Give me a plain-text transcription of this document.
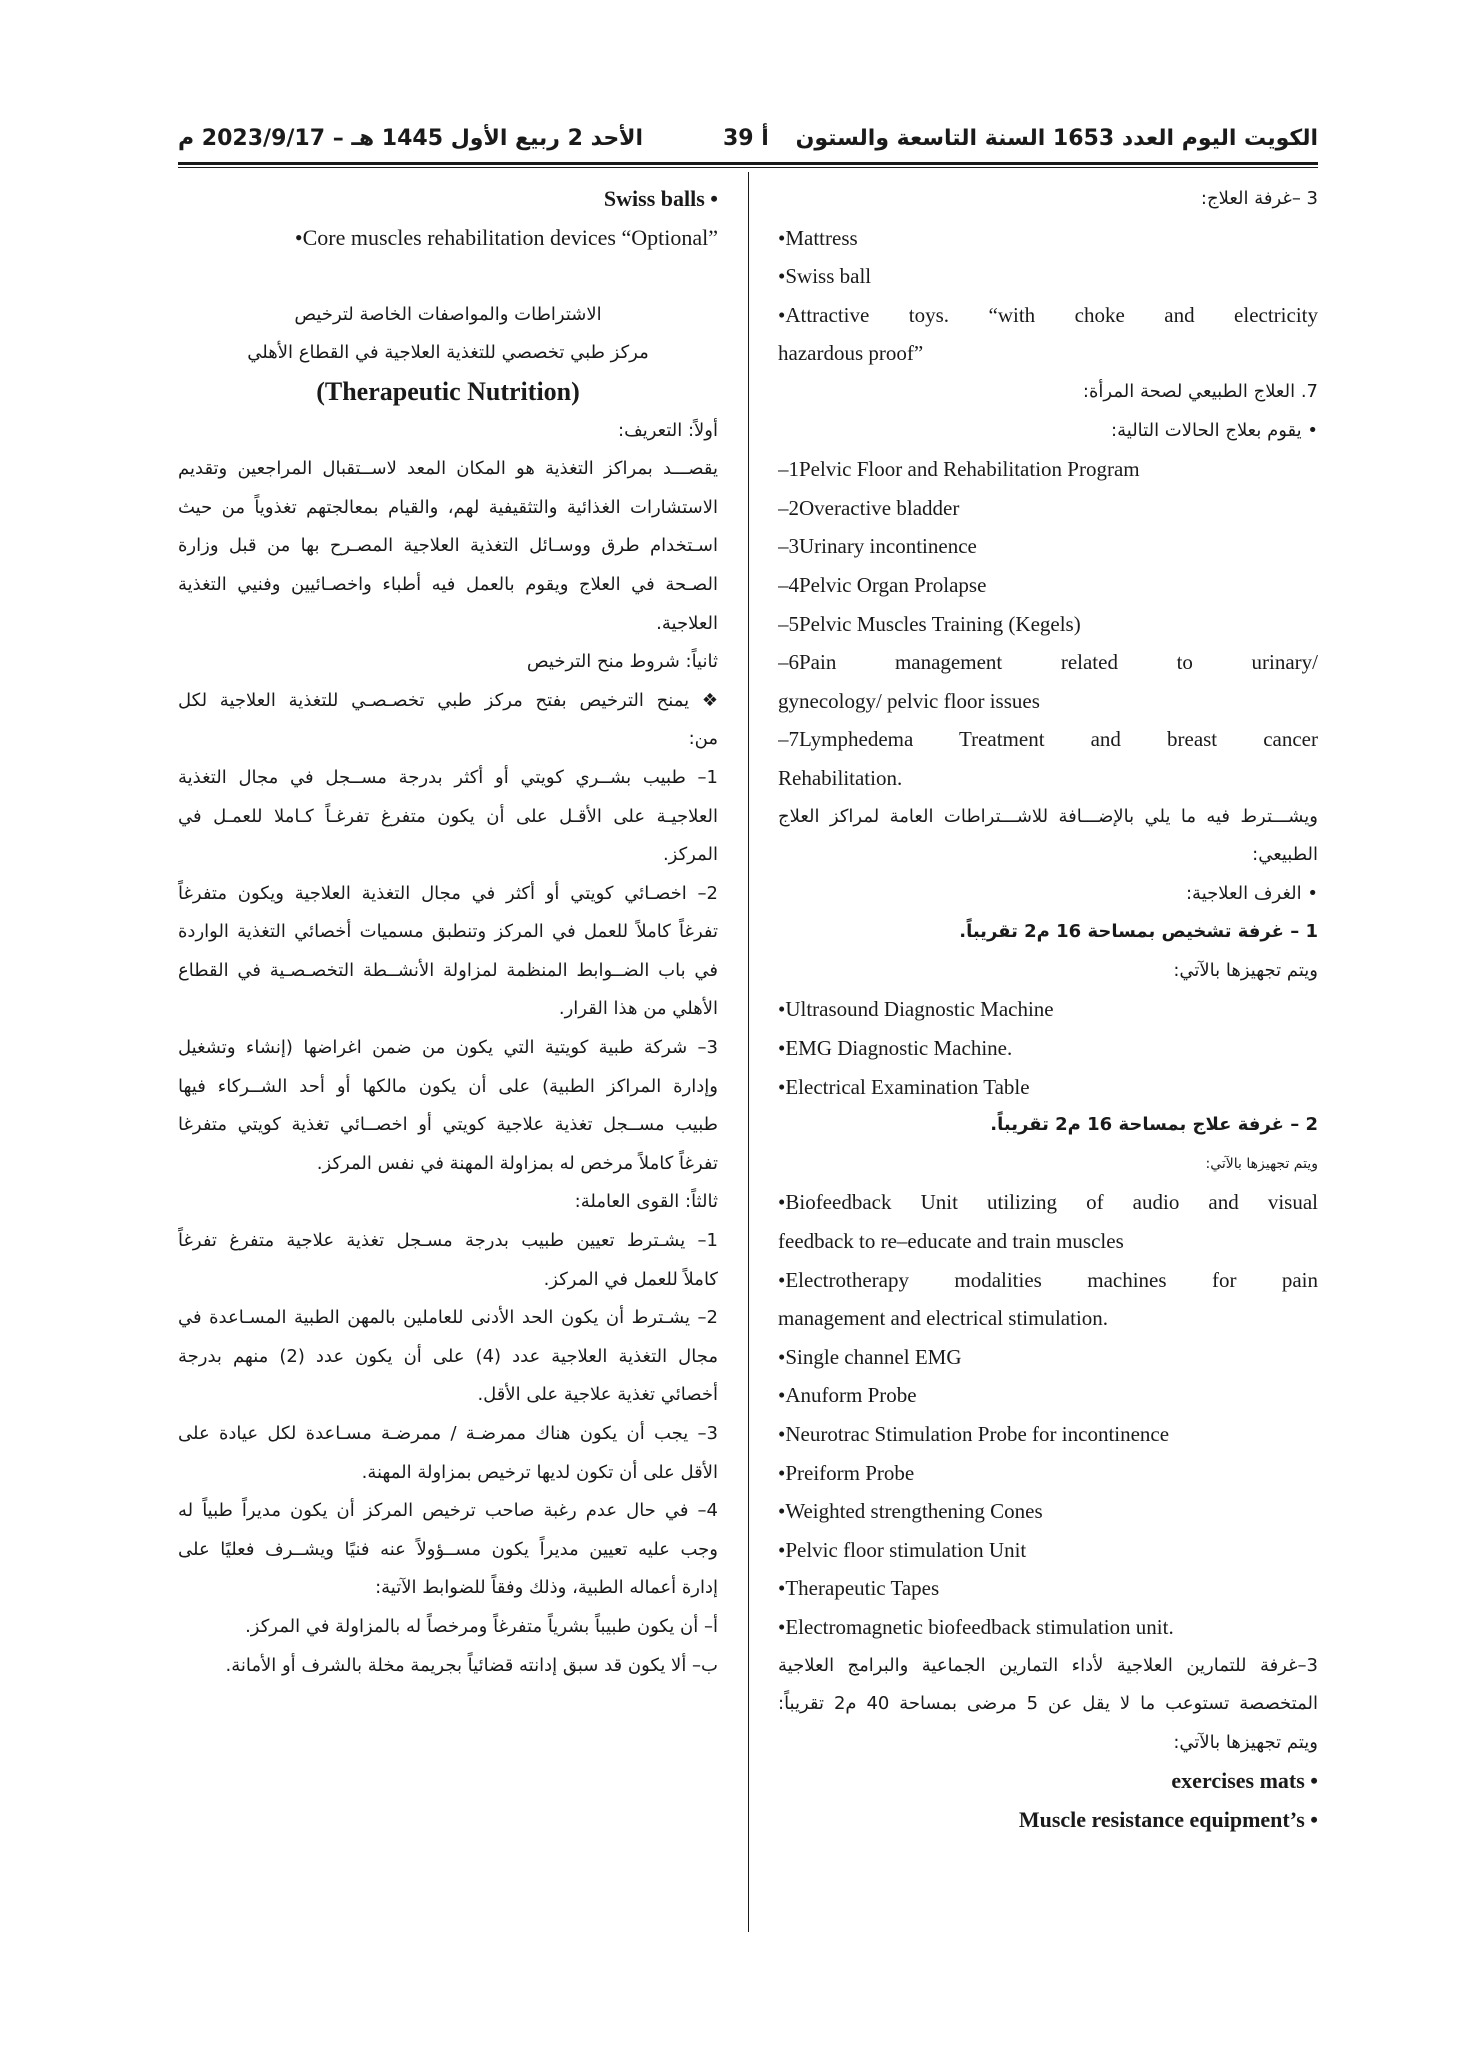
الكويت اليوم العدد 1653 السنة التاسعة والستون
أ 39
الأحد 2 ربيع الأول 1445 هـ – 2023/9/17 م
3 –غرفة العلاج:
•Mattress
•Swiss ball
•Attractive toys. “with choke and electricity
hazardous proof”
7. العلاج الطبيعي لصحة المرأة:
• يقوم بعلاج الحالات التالية:
–1Pelvic Floor and Rehabilitation Program
–2Overactive bladder
–3Urinary incontinence
–4Pelvic Organ Prolapse
–5Pelvic Muscles Training (Kegels)
–6Pain management related to urinary/
gynecology/ pelvic floor issues
–7Lymphedema Treatment and breast cancer
Rehabilitation.
ويشـــترط فيه ما يلي بالإضـــافة للاشـــتراطات العامة لمراكز العلاج
الطبيعي:
• الغرف العلاجية:
1 – غرفة تشخيص بمساحة 16 م2 تقريباً.
ويتم تجهيزها بالآتي:
•Ultrasound Diagnostic Machine
•EMG Diagnostic Machine.
•Electrical Examination Table
2 – غرفة علاج بمساحة 16 م2 تقريباً.
ويتم تجهيزها بالآتي:
•Biofeedback Unit utilizing of audio and visual
feedback to re–educate and train muscles
•Electrotherapy modalities machines for pain
management and electrical stimulation.
•Single channel EMG
•Anuform Probe
•Neurotrac Stimulation Probe for incontinence
•Preiform Probe
•Weighted strengthening Cones
•Pelvic floor stimulation Unit
•Therapeutic Tapes
•Electromagnetic biofeedback stimulation unit.
3–غرفة للتمارين العلاجية لأداء التمارين الجماعية والبرامج العلاجية
المتخصصة تستوعب ما لا يقل عن 5 مرضى بمساحة 40 م2 تقريباً:
ويتم تجهيزها بالآتي:
exercises mats •
Muscle resistance equipment’s •
Swiss balls •
•Core muscles rehabilitation devices “Optional”
الاشتراطات والمواصفات الخاصة لترخيص
مركز طبي تخصصي للتغذية العلاجية في القطاع الأهلي
(Therapeutic Nutrition)
أولاً: التعريف:
يقصـــد بمراكز التغذية هو المكان المعد لاســتقبال المراجعين وتقديم
الاستشارات الغذائية والتثقيفية لهم، والقيام بمعالجتهم تغذوياً من حيث
اسـتخدام طرق ووسـائل التغذية العلاجية المصـرح بها من قبل وزارة
الصـحة في العلاج ويقوم بالعمل فيه أطباء واخصـائيين وفنيي التغذية
العلاجية.
ثانياً: شروط منح الترخيص
❖ يمنح الترخيص بفتح مركز طبي تخصـصـي للتغذية العلاجية لكل
من:
1– طبيب بشــري كويتي أو أكثر بدرجة مســجل في مجال التغذية
العلاجيـة على الأقـل على أن يكون متفرغ تفرغـاً كـاملا للعمـل في
المركز.
2– اخصـائي كويتي أو أكثر في مجال التغذية العلاجية ويكون متفرغاً
تفرغاً كاملاً للعمل في المركز وتنطبق مسميات أخصائي التغذية الواردة
في باب الضــوابط المنظمة لمزاولة الأنشــطة التخصـصـية في القطاع
الأهلي من هذا القرار.
3– شركة طبية كويتية التي يكون من ضمن اغراضها (إنشاء وتشغيل
وإدارة المراكز الطبية) على أن يكون مالكها أو أحد الشــركاء فيها
طبيب مســجل تغذية علاجية كويتي أو اخصــائي تغذية كويتي متفرغا
تفرغاً كاملاً مرخص له بمزاولة المهنة في نفس المركز.
ثالثاً: القوى العاملة:
1– يشـترط تعيين طبيب بدرجة مسـجل تغذية علاجية متفرغ تفرغاً
كاملاً للعمل في المركز.
2– يشـترط أن يكون الحد الأدنى للعاملين بالمهن الطبية المسـاعدة في
مجال التغذية العلاجية عدد (4) على أن يكون عدد (2) منهم بدرجة
أخصائي تغذية علاجية على الأقل.
3– يجب أن يكون هناك ممرضـة / ممرضـة مسـاعدة لكل عيادة على
الأقل على أن تكون لديها ترخيص بمزاولة المهنة.
4– في حال عدم رغبة صاحب ترخيص المركز أن يكون مديراً طبياً له
وجب عليه تعيين مديراً يكون مســؤولاً عنه فنيًا ويشــرف فعليًا على
إدارة أعماله الطبية، وذلك وفقاً للضوابط الآتية:
أ– أن يكون طبيباً بشرياً متفرغاً ومرخصاً له بالمزاولة في المركز.
ب– ألا يكون قد سبق إدانته قضائياً بجريمة مخلة بالشرف أو الأمانة.
